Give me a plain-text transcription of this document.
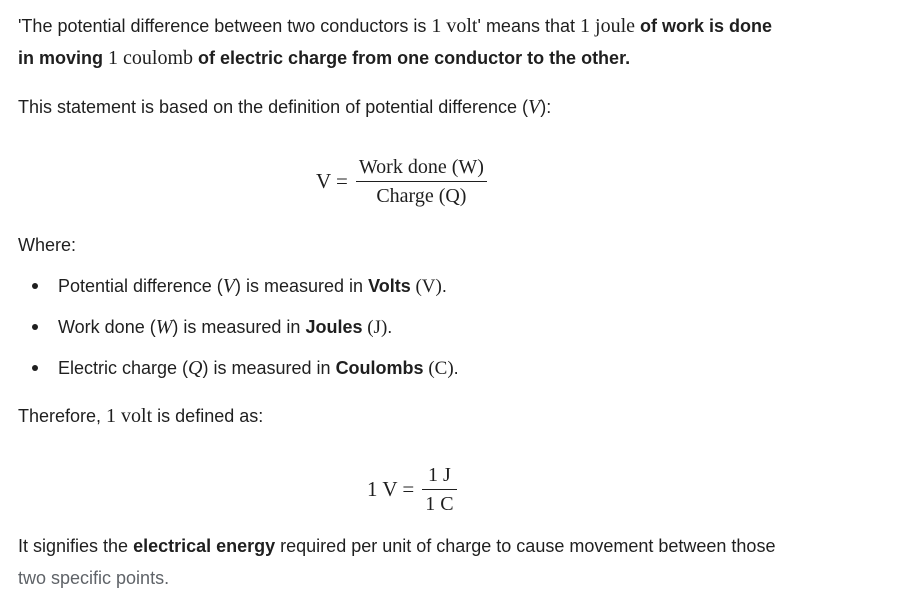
'The potential difference between two conductors is 1 volt' means that 1 joule of work is done
in moving 1 coulomb of electric charge from one conductor to the other.
This statement is based on the definition of potential difference (V):
$V = \frac{\text{Work done (W)}}{\text{Charge (Q)}}$
Where:
Potential difference (V) is measured in Volts (V).
Work done (W) is measured in Joules (J).
Electric charge (Q) is measured in Coulombs (C).
Therefore, 1 volt is defined as:
1 $V = \frac{1 J}{1 C}$
It signifies the electrical energy required per unit of charge to cause movement between those
two specific points.
